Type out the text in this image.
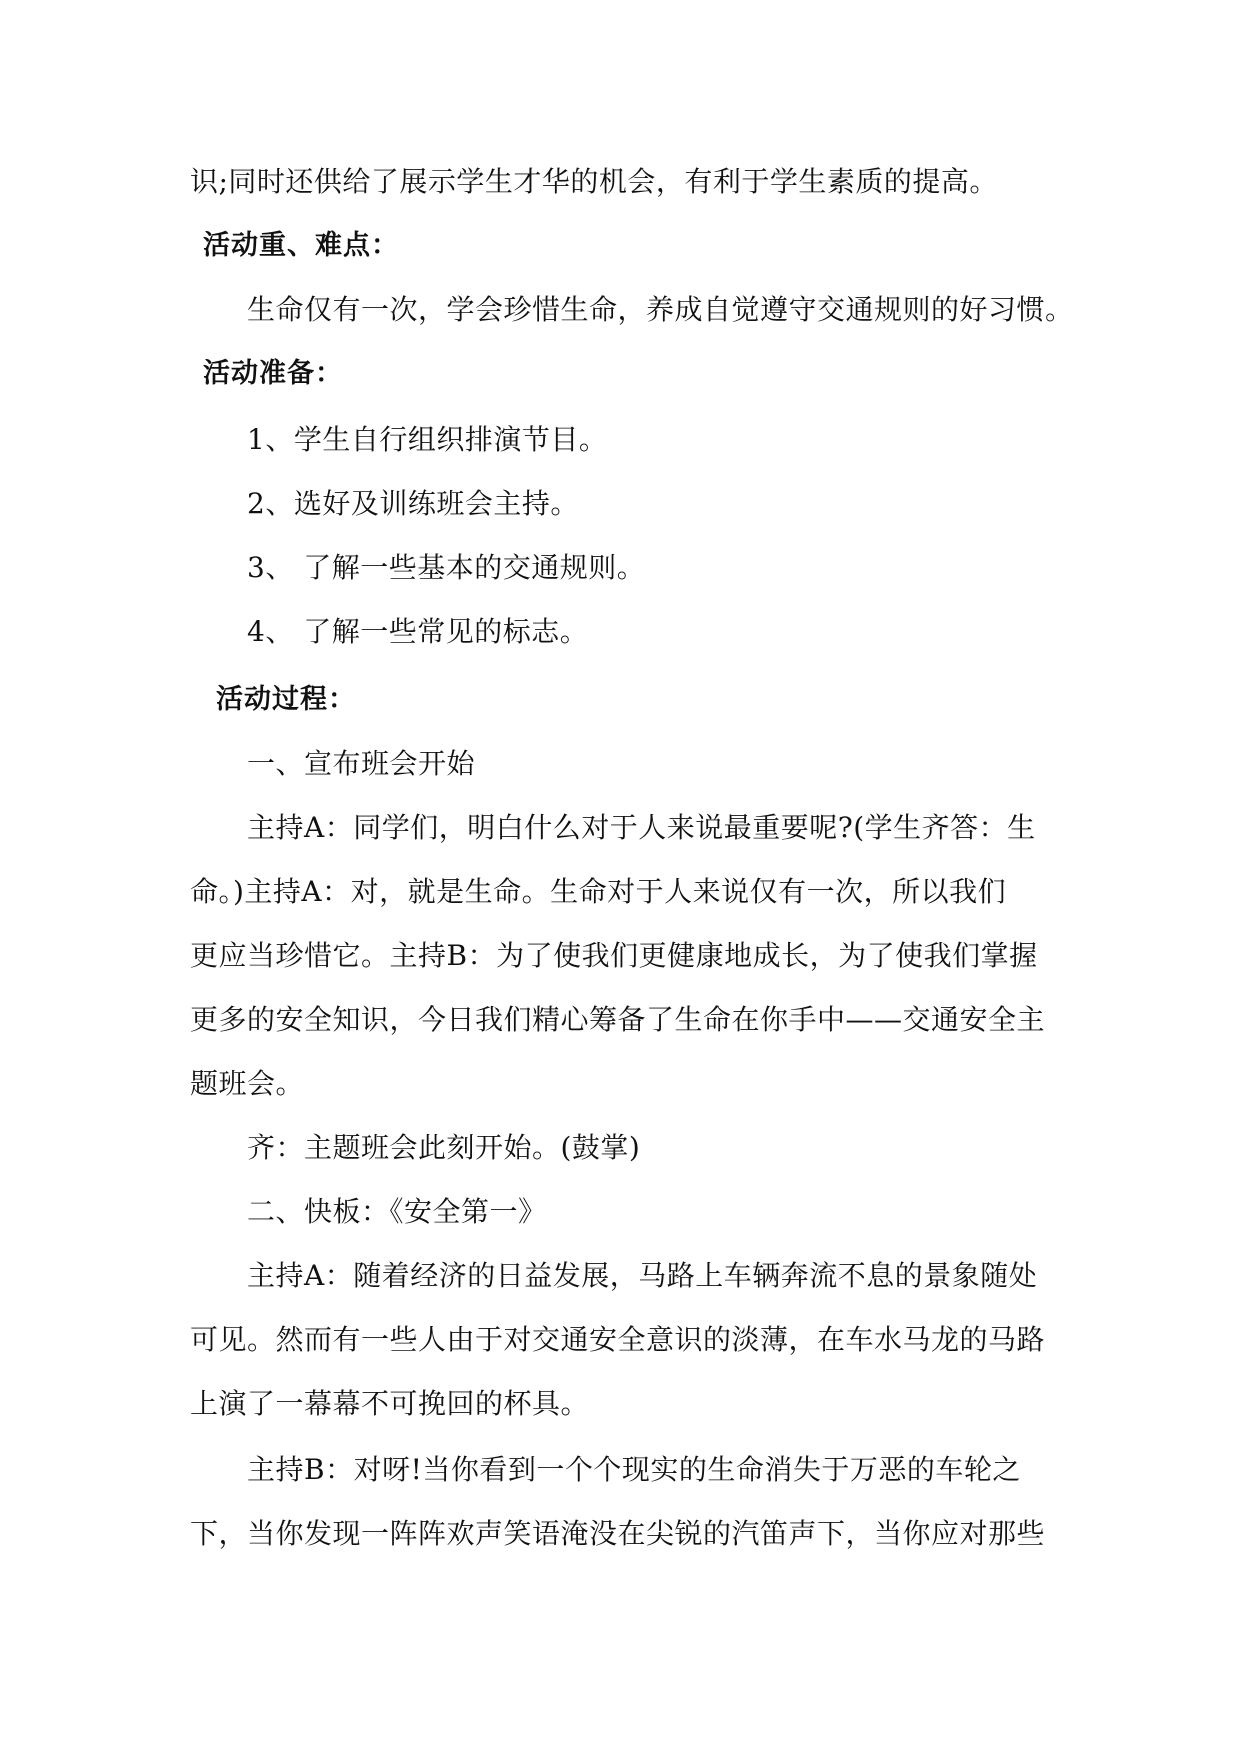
识;同时还供给了展示学生才华的机会，有利于学生素质的提高。
活动重、难点：
生命仅有一次，学会珍惜生命，养成自觉遵守交通规则的好习惯。
活动准备：
1、学生自行组织排演节目。
2、选好及训练班会主持。
3、 了解一些基本的交通规则。
4、 了解一些常见的标志。
活动过程：
一、宣布班会开始
主持A：同学们，明白什么对于人来说最重要呢?(学生齐答：生
命。)主持A：对，就是生命。生命对于人来说仅有一次，所以我们
更应当珍惜它。主持B：为了使我们更健康地成长，为了使我们掌握
更多的安全知识，今日我们精心筹备了生命在你手中——交通安全主
题班会。
齐：主题班会此刻开始。(鼓掌)
二、快板：《安全第一》
主持A：随着经济的日益发展，马路上车辆奔流不息的景象随处
可见。然而有一些人由于对交通安全意识的淡薄，在车水马龙的马路
上演了一幕幕不可挽回的杯具。
主持B：对呀!当你看到一个个现实的生命消失于万恶的车轮之
下，当你发现一阵阵欢声笑语淹没在尖锐的汽笛声下，当你应对那些
